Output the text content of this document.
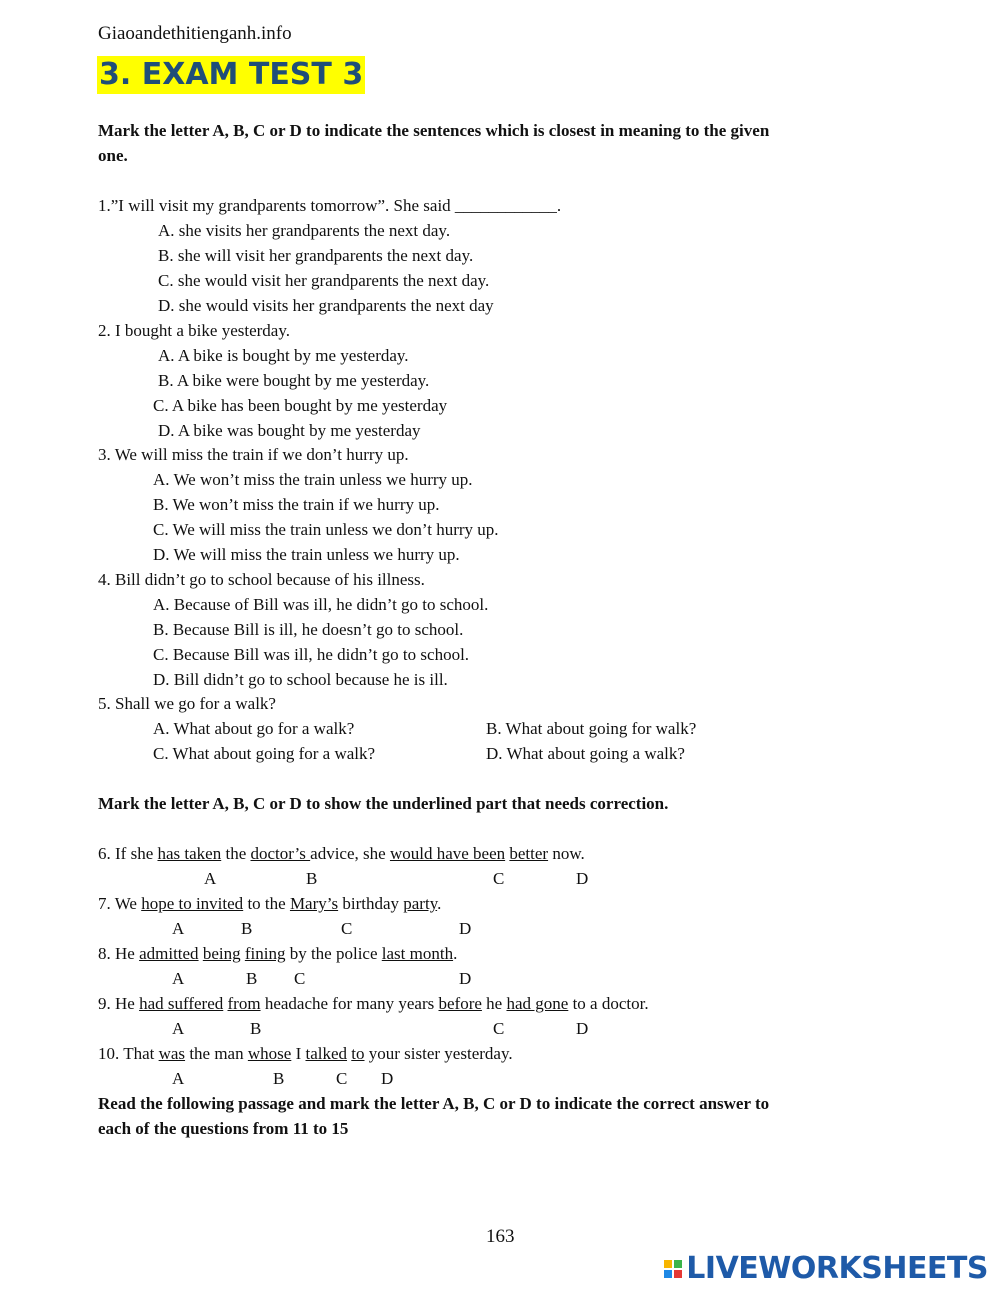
Giaoandethitienganh.info
3. EXAM TEST 3
Mark the letter A, B, C or D to indicate the sentences which is closest in meaning to the given
one.
1.”I will visit my grandparents tomorrow”. She said ____________.
A. she visits her grandparents the next day.
B. she will visit her grandparents the next day.
C. she would visit her grandparents the next day.
D. she would visits her grandparents the next day
2. I bought a bike yesterday.
A. A bike is bought by me yesterday.
B. A bike were bought by me yesterday.
C. A bike has been bought by me yesterday
D. A bike was bought by me yesterday
3. We will miss the train if we don’t hurry up.
A. We won’t miss the train unless we hurry up.
B. We won’t miss the train if we hurry up.
C. We will miss the train unless we don’t hurry up.
D. We will miss the train unless we hurry up.
4. Bill didn’t go to school because of his illness.
A. Because of Bill was ill, he didn’t go to school.
B. Because Bill is ill, he doesn’t go to school.
C. Because Bill was ill, he didn’t go to school.
D. Bill didn’t go to school because he is ill.
5. Shall we go for a walk?
A. What about go for a walk?	B. What about going for walk?
C. What about going for a walk?	D. What about going a walk?
Mark the letter A, B, C or D to show the underlined part that needs correction.
6. If she has taken the doctor’s advice, she would have been better now.
A	B	C	D
7. We hope to invited to the Mary’s birthday party.
A	B	C	D
8. He admitted being fining by the police last month.
A	B C	D
9. He had suffered from headache for many years before he had gone to a doctor.
A	B	C	D
10. That was the man whose I talked to your sister yesterday.
A	B	C D
Read the following passage and mark the letter A, B, C or D to indicate the correct answer to
each of the questions from 11 to 15
163
LIVEWORKSHEETS
